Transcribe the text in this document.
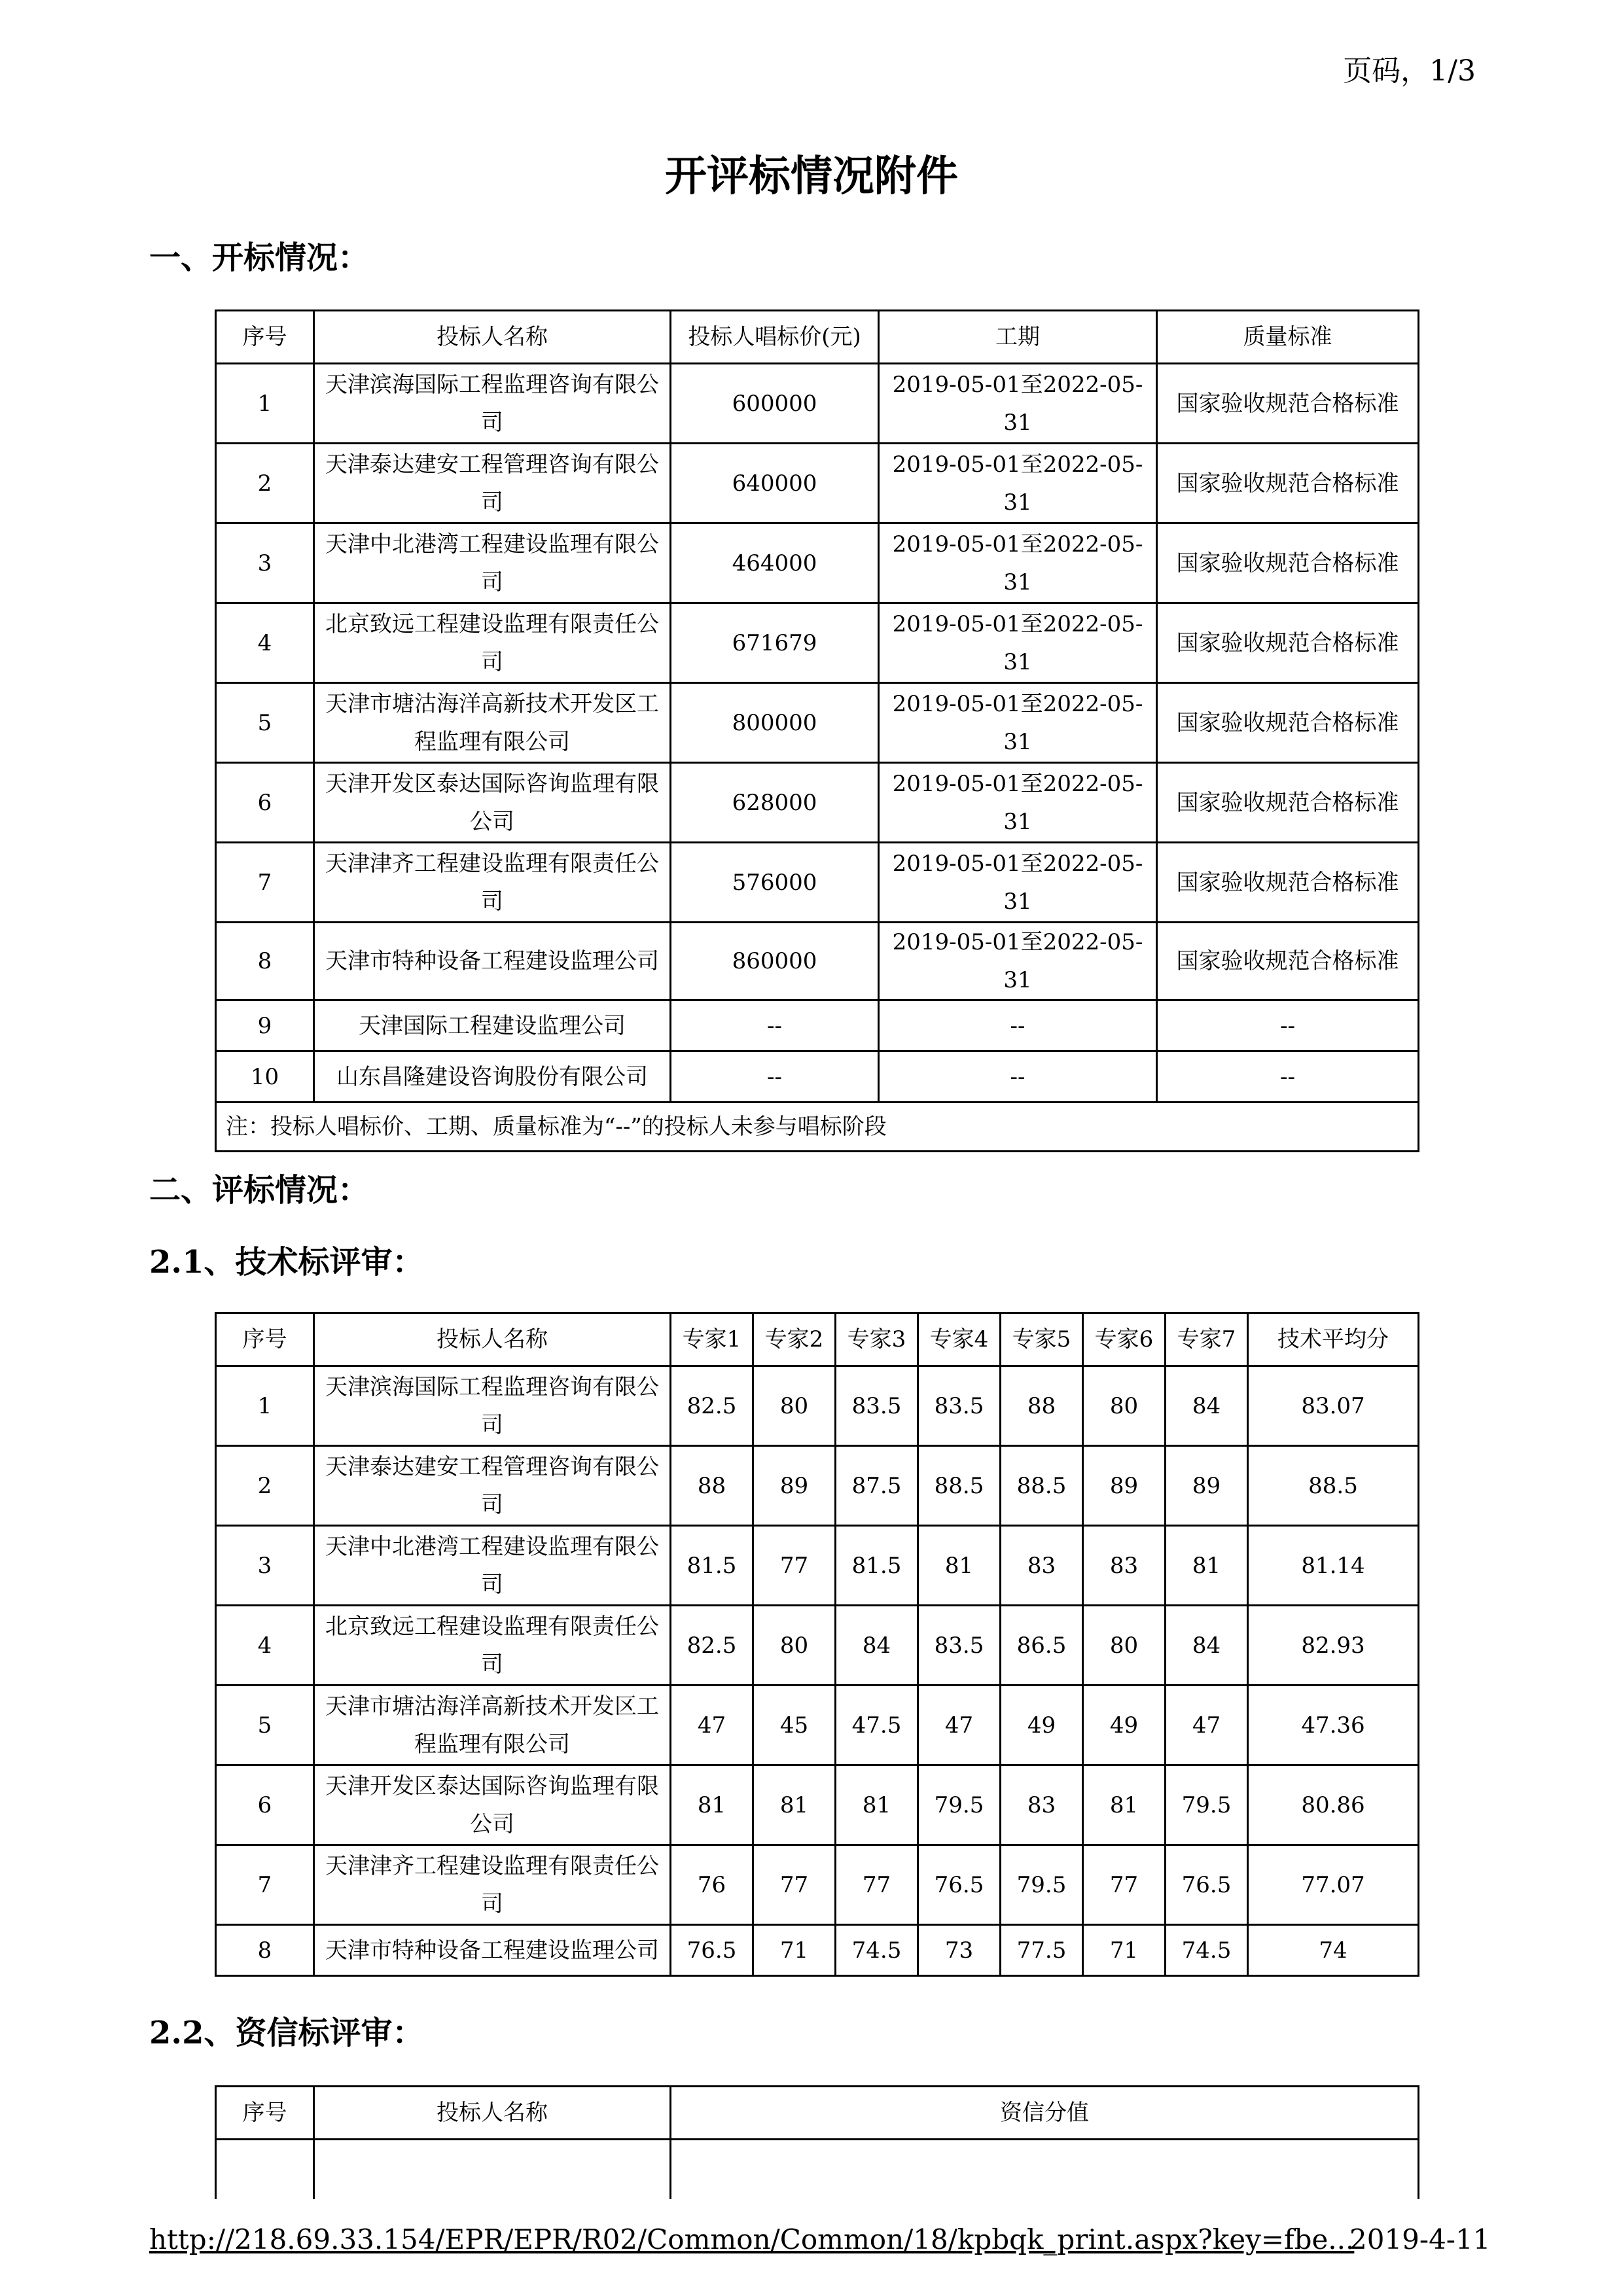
页码，1/3
开评标情况附件
一、开标情况：
序号	投标人名称	投标人唱标价(元)	工期	质量标准
1	天津滨海国际工程监理咨询有限公司	600000	2019-05-01至2022-05-31	国家验收规范合格标准
2	天津泰达建安工程管理咨询有限公司	640000	2019-05-01至2022-05-31	国家验收规范合格标准
3	天津中北港湾工程建设监理有限公司	464000	2019-05-01至2022-05-31	国家验收规范合格标准
4	北京致远工程建设监理有限责任公司	671679	2019-05-01至2022-05-31	国家验收规范合格标准
5	天津市塘沽海洋高新技术开发区工程监理有限公司	800000	2019-05-01至2022-05-31	国家验收规范合格标准
6	天津开发区泰达国际咨询监理有限公司	628000	2019-05-01至2022-05-31	国家验收规范合格标准
7	天津津齐工程建设监理有限责任公司	576000	2019-05-01至2022-05-31	国家验收规范合格标准
8	天津市特种设备工程建设监理公司	860000	2019-05-01至2022-05-31	国家验收规范合格标准
9	天津国际工程建设监理公司	--	--	--
10	山东昌隆建设咨询股份有限公司	--	--	--
注：投标人唱标价、工期、质量标准为“--”的投标人未参与唱标阶段				
二、评标情况：
2.1、技术标评审：
序号	投标人名称	专家1	专家2	专家3	专家4	专家5	专家6	专家7	技术平均分
1	天津滨海国际工程监理咨询有限公司	82.5	80	83.5	83.5	88	80	84	83.07
2	天津泰达建安工程管理咨询有限公司	88	89	87.5	88.5	88.5	89	89	88.5
3	天津中北港湾工程建设监理有限公司	81.5	77	81.5	81	83	83	81	81.14
4	北京致远工程建设监理有限责任公司	82.5	80	84	83.5	86.5	80	84	82.93
5	天津市塘沽海洋高新技术开发区工程监理有限公司	47	45	47.5	47	49	49	47	47.36
6	天津开发区泰达国际咨询监理有限公司	81	81	81	79.5	83	81	79.5	80.86
7	天津津齐工程建设监理有限责任公司	76	77	77	76.5	79.5	77	76.5	77.07
8	天津市特种设备工程建设监理公司	76.5	71	74.5	73	77.5	71	74.5	74
2.2、资信标评审：
序号	投标人名称	资信分值

http://218.69.33.154/EPR/EPR/R02/Common/Common/18/kpbqk_print.aspx?key=fbe...
2019-4-11
